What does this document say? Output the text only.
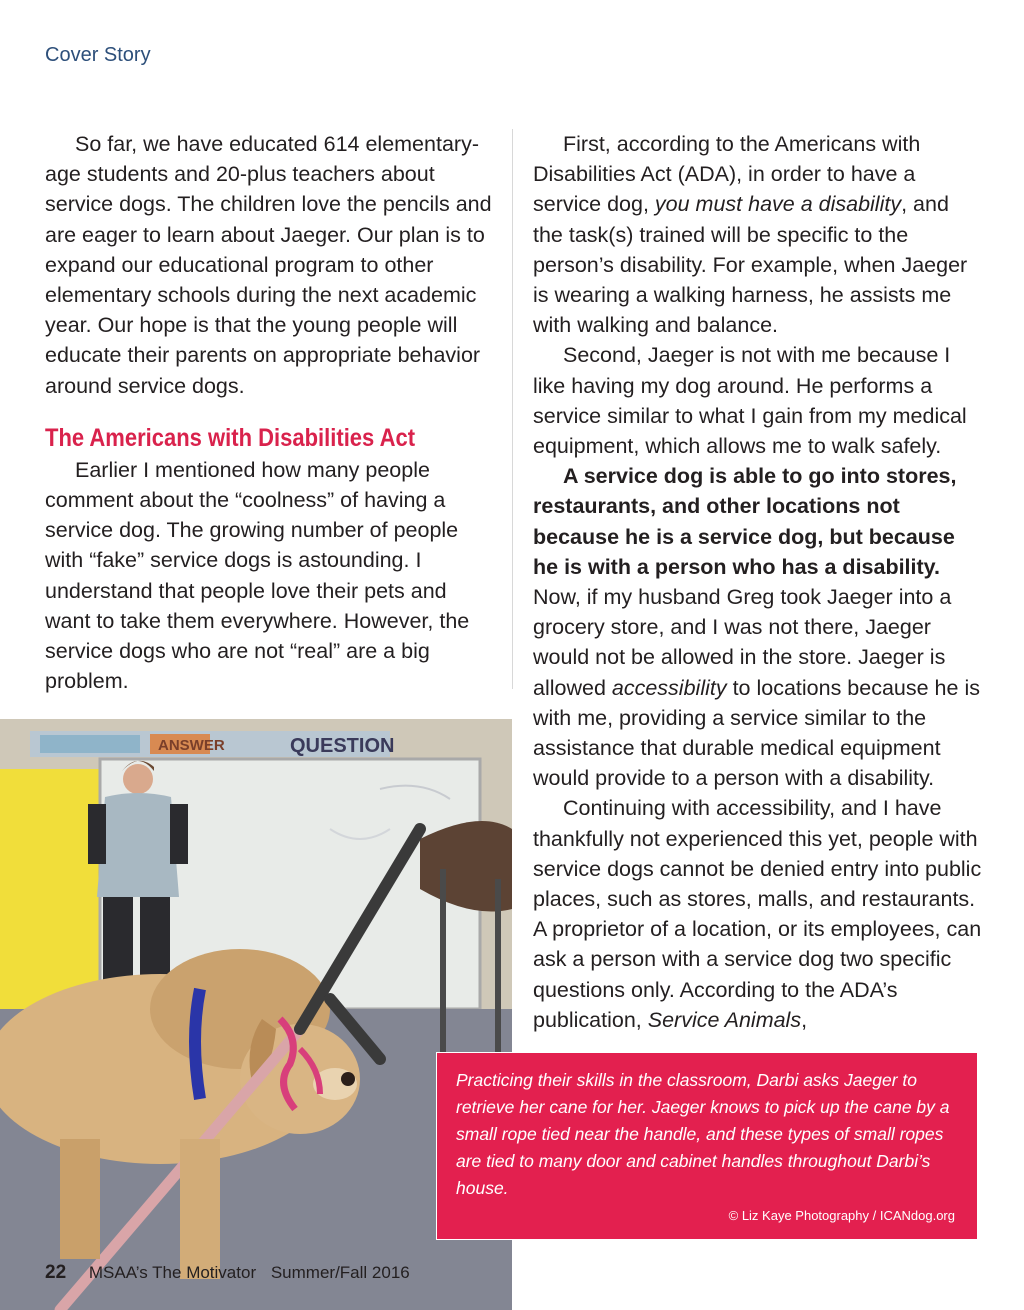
Cover Story

So far, we have educated 614 elementary-age students and 20-plus teachers about service dogs. The children love the pencils and are eager to learn about Jaeger. Our plan is to expand our educational program to other elementary schools during the next academic year. Our hope is that the young people will educate their parents on appropriate behavior around service dogs.

The Americans with Disabilities Act

Earlier I mentioned how many people comment about the “coolness” of having a service dog. The growing number of people with “fake” service dogs is astounding. I understand that people love their pets and want to take them everywhere. However, the service dogs who are not “real” are a big problem.

First, according to the Americans with Disabilities Act (ADA), in order to have a service dog, you must have a disability, and the task(s) trained will be specific to the person’s disability. For example, when Jaeger is wearing a walking harness, he assists me with walking and balance.

Second, Jaeger is not with me because I like having my dog around. He performs a service similar to what I gain from my medical equipment, which allows me to walk safely.

A service dog is able to go into stores, restaurants, and other locations not because he is a service dog, but because he is with a person who has a disability. Now, if my husband Greg took Jaeger into a grocery store, and I was not there, Jaeger would not be allowed in the store. Jaeger is allowed accessibility to locations because he is with me, providing a service similar to the assistance that durable medical equipment would provide to a person with a disability.

Continuing with accessibility, and I have thankfully not experienced this yet, people with service dogs cannot be denied entry into public places, such as stores, malls, and restaurants. A proprietor of a location, or its employees, can ask a person with a service dog two specific questions only. According to the ADA’s publication, Service Animals,

ANSWER	QUESTION
Practicing their skills in the classroom, Darbi asks Jaeger to retrieve her cane for her. Jaeger knows to pick up the cane by a small rope tied near the handle, and these types of small ropes are tied to many door and cabinet handles throughout Darbi’s house.
© Liz Kaye Photography / ICANdog.org
22 MSAA’s The Motivator Summer/Fall 2016
